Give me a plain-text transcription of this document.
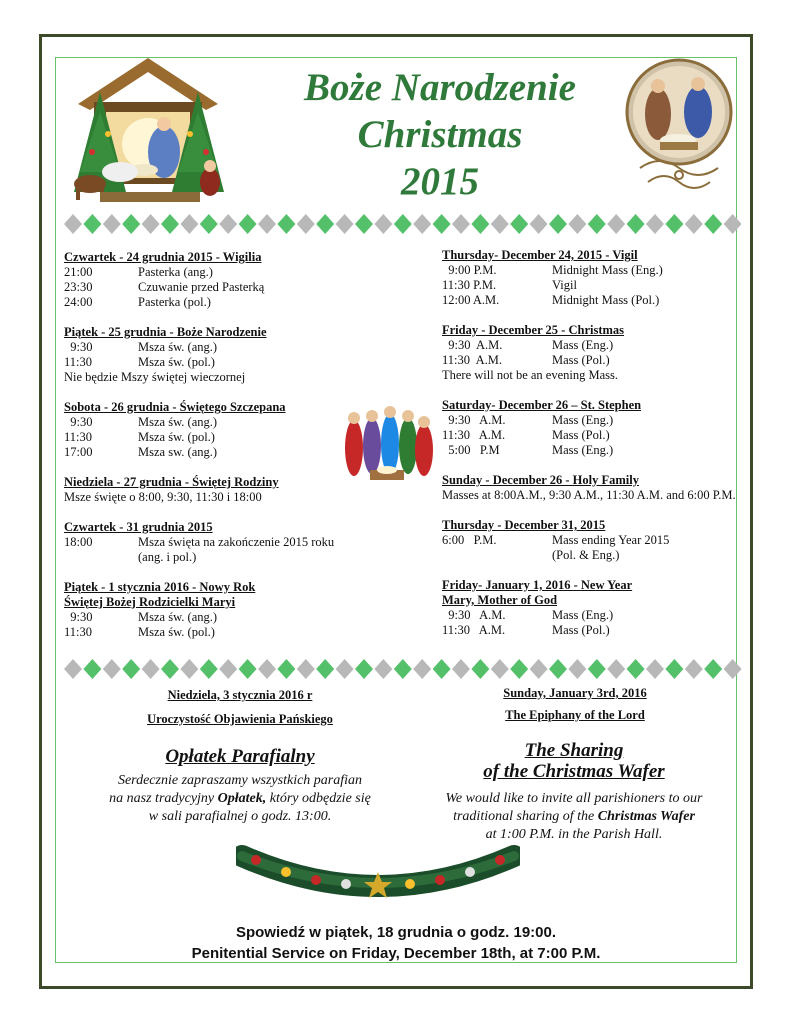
Boże Narodzenie
Christmas
2015
Czwartek - 24 grudnia 2015 - Wigilia
21:00	Pasterka (ang.)
23:30	Czuwanie przed Pasterką
24:00	Pasterka (pol.)
Piątek - 25 grudnia - Boże Narodzenie
9:30	Msza św. (ang.)
11:30	Msza św. (pol.)
Nie będzie Mszy świętej wieczornej
Sobota - 26 grudnia - Świętego Szczepana
9:30	Msza św. (ang.)
11:30	Msza św. (pol.)
17:00	Msza sw. (ang.)
Niedziela - 27 grudnia - Świętej Rodziny
Msze święte o 8:00, 9:30, 11:30 i 18:00
Czwartek - 31 grudnia 2015
18:00	Msza święta na zakończenie 2015 roku
(ang. i pol.)
Piątek - 1 stycznia 2016 - Nowy Rok
Świętej Bożej Rodzicielki Maryi
9:30	Msza św. (ang.)
11:30	Msza św. (pol.)
Thursday- December 24, 2015 - Vigil
9:00 P.M.	Midnight Mass (Eng.)
11:30 P.M.	Vigil
12:00 A.M.	Midnight Mass (Pol.)
Friday - December 25 - Christmas
9:30  A.M.	Mass (Eng.)
11:30  A.M.	Mass (Pol.)
There will not be an evening Mass.
Saturday- December 26 – St. Stephen
9:30   A.M.	Mass (Eng.)
11:30   A.M.	Mass (Pol.)
5:00   P.M	Mass (Eng.)
Sunday - December 26 - Holy Family
Masses at 8:00A.M., 9:30 A.M., 11:30 A.M. and 6:00 P.M.
Thursday - December 31, 2015
6:00   P.M.	Mass ending Year 2015
(Pol. & Eng.)
Friday- January 1, 2016 - New Year
Mary, Mother of God
9:30   A.M.	Mass (Eng.)
11:30   A.M.	Mass (Pol.)
Niedziela, 3 stycznia 2016 r
Uroczystość Objawienia Pańskiego
Sunday, January 3rd, 2016
The Epiphany of the Lord
Opłatek Parafialny
Serdecznie zapraszamy wszystkich parafian
na nasz tradycyjny Opłatek, który odbędzie się
w sali parafialnej o godz. 13:00.
The Sharing
of the Christmas Wafer
We would like to invite all parishioners to our
traditional sharing of the Christmas Wafer
at 1:00 P.M. in the Parish Hall.
Spowiedź w piątek, 18 grudnia o godz. 19:00.
Penitential Service on Friday, December 18th, at 7:00 P.M.
